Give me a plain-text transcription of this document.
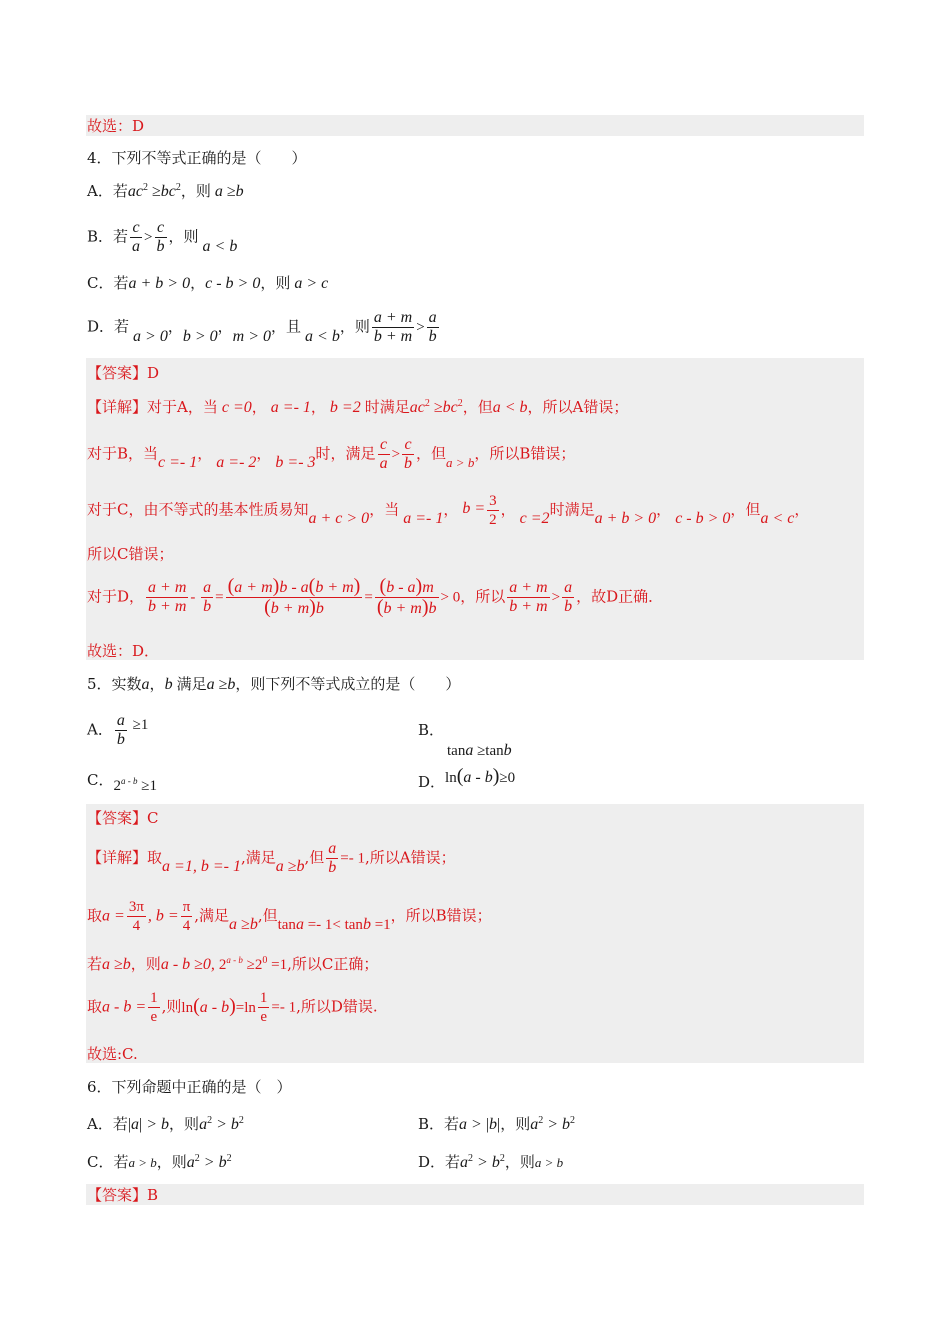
故选：D
4．下列不等式正确的是（　　）
A．若$ac^2 \ge bc^2$，则 a ≥b
B．若 $\frac{c}{a} > \frac{c}{b}$ ，则 a < b
C．若a + b > 0，c - b > 0，则 a > c
D．若 a > 0，b > 0，m > 0，且 a < b，则 $\frac{a + m}{b + m} > \frac{a}{b}$
【答案】D
【详解】对于A，当 c =0， a =- 1， b =2 时满足$ac^2 \ge bc^2$，但a < b，所以A错误；
对于B，当c =- 1， a =- 2， b =- 3时，满足 $\frac{c}{a} > \frac{c}{b}$ ，但a > b，所以B错误；
对于C，由不等式的基本性质易知a + c > 0，当 a =- 1， $b = \frac{3}{2}$ ， c =2时满足a + b > 0， c - b > 0，但a < c，
所以C错误；
对于D， $\frac{a + m}{b + m} - \frac{a}{b} = \frac{(a + m)b - a(b + m)}{(b + m)b} = \frac{(b - a)m}{(b + m)b} > 0$，所以 $\frac{a + m}{b + m} > \frac{a}{b}$ ，故D正确．
故选：D．
5．实数a，b 满足a ≥b，则下列不等式成立的是（　　）
A． $\frac{a}{b} \ge 1$	B．
tana ≥tanb
C．$2^{a - b} \ge 1$	D．ln(a - b)≥0
【答案】C
【详解】取a =1, b =- 1,满足a ≥b,但 $\frac{a}{b} =- 1$,所以A错误；
取$a = \frac{3\pi}{4}$ , $b = \frac{\pi}{4}$ ,满足a ≥b,但tana =- 1< tanb =1，所以B错误；
若a ≥b，则a - b ≥0, $2^{a - b} \ge 2^0 =1$,所以C正确；
取$a - b = \frac{1}{e}$ ,则$\ln(a - b)=\ln \frac{1}{e} =- 1$,所以D错误.
故选:C.
6．下列命题中正确的是（　）
A．若|a| > b，则$a^2 > b^2$	B．若a > |b|，则$a^2 > b^2$
C．若a > b，则$a^2 > b^2$	D．若$a^2 > b^2$，则a > b
【答案】B
